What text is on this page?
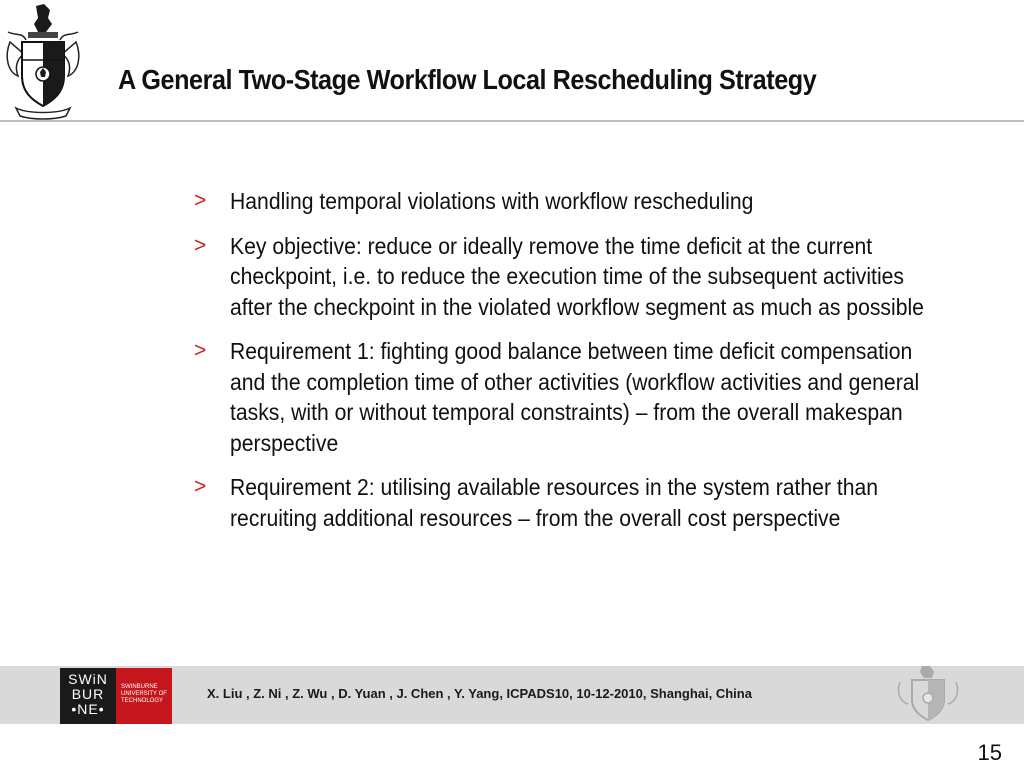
A General Two-Stage Workflow Local Rescheduling Strategy
> Handling temporal violations with workflow rescheduling
> Key objective: reduce or ideally remove the time deficit at the current checkpoint, i.e. to reduce the execution time of the subsequent activities after the checkpoint in the violated workflow segment as much as possible
> Requirement 1: fighting good balance between time deficit compensation and the completion time of other activities (workflow activities and general tasks, with or without temporal constraints) – from the overall makespan perspective
> Requirement 2: utilising available resources in the system rather than recruiting additional resources – from the overall cost perspective
SWiN
BUR
•NE•
SWINBURNE UNIVERSITY OF TECHNOLOGY	X. Liu , Z. Ni , Z. Wu , D. Yuan , J. Chen , Y. Yang, ICPADS10, 10-12-2010, Shanghai, China
15
